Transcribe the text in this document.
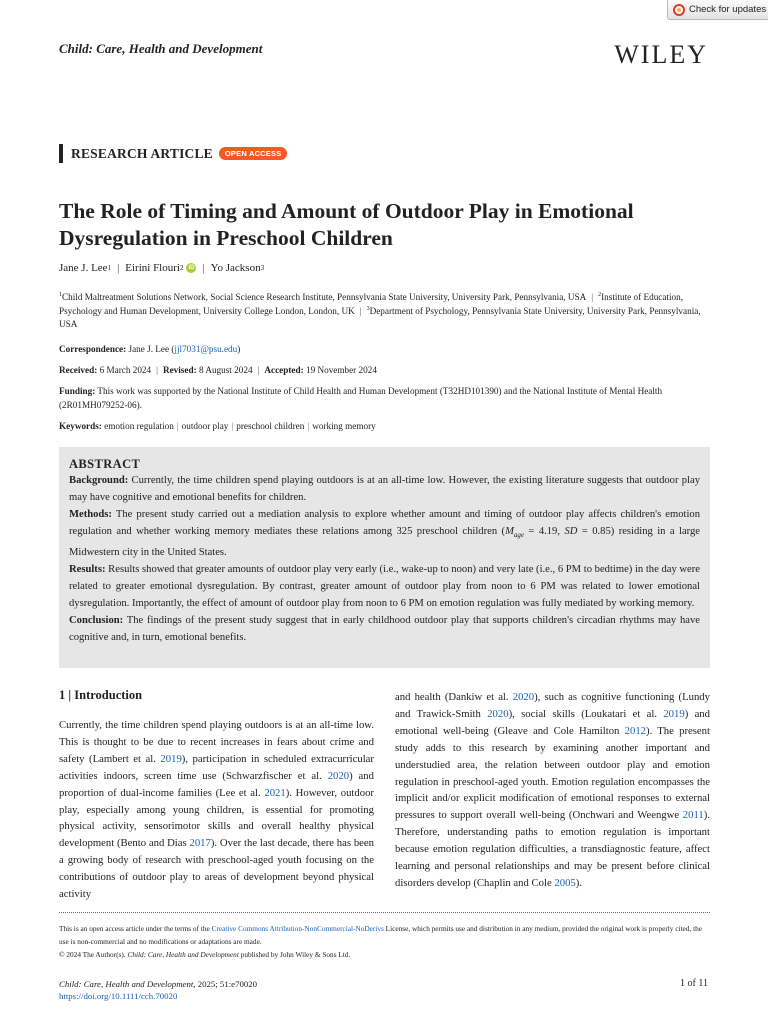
Check for updates
Child: Care, Health and Development	WILEY
RESEARCH ARTICLE	OPEN ACCESS
The Role of Timing and Amount of Outdoor Play in Emotional Dysregulation in Preschool Children
Jane J. Lee 1 | Eirini Flouri 2 iD | Yo Jackson 3
$^1$Child Maltreatment Solutions Network, Social Science Research Institute, Pennsylvania State University, University Park, Pennsylvania, USA | $^2$Institute of Education, Psychology and Human Development, University College London, London, UK | $^3$Department of Psychology, Pennsylvania State University, University Park, Pennsylvania, USA
Correspondence: Jane J. Lee (jjl7031@psu.edu)
Received: 6 March 2024 | Revised: 8 August 2024 | Accepted: 19 November 2024
Funding: This work was supported by the National Institute of Child Health and Human Development (T32HD101390) and the National Institute of Mental Health (2R01MH079252-06).
Keywords: emotion regulation | outdoor play | preschool children | working memory
ABSTRACT

Background: Currently, the time children spend playing outdoors is at an all-time low. However, the existing literature suggests that outdoor play may have cognitive and emotional benefits for children.

Methods: The present study carried out a mediation analysis to explore whether amount and timing of outdoor play affects children's emotion regulation and whether working memory mediates these relations among 325 preschool children ($M_{age} = 4.19$, SD = 0.85) residing in a large Midwestern city in the United States.

Results: Results showed that greater amounts of outdoor play very early (i.e., wake-up to noon) and very late (i.e., 6 PM to bedtime) in the day were related to greater emotional dysregulation. By contrast, greater amount of outdoor play from noon to 6 PM was related to lower emotional dysregulation. Importantly, the effect of amount of outdoor play from noon to 6 PM on emotion regulation was fully mediated by working memory.

Conclusion: The findings of the present study suggest that in early childhood outdoor play that supports children's circadian rhythms may have cognitive and, in turn, emotional benefits.

1 | Introduction
Currently, the time children spend playing outdoors is at an all-time low. This is thought to be due to recent increases in fears about crime and safety (Lambert et al. 2019), participation in scheduled extracurricular activities indoors, screen time use (Schwarzfischer et al. 2020) and proportion of dual-income families (Lee et al. 2021). However, outdoor play, especially among young children, is essential for promoting physical activity, sensorimotor skills and overall healthy physical development (Bento and Dias 2017). Over the last decade, there has been a growing body of research with preschool-aged youth focusing on the contributions of outdoor play to areas of development beyond physical activity
and health (Dankiw et al. 2020), such as cognitive functioning (Lundy and Trawick-Smith 2020), social skills (Loukatari et al. 2019) and emotional well-being (Gleave and Cole Hamilton 2012). The present study adds to this research by examining another important and understudied area, the relation between outdoor play and emotion regulation in preschool-aged youth. Emotion regulation encompasses the implicit and/or explicit modification of emotional responses to external pressures to support overall well-being (Onchwari and Weengwe 2011). Therefore, understanding paths to emotion regulation is important because emotion regulation difficulties, a transdiagnostic feature, affect learning and personal relationships and may be present before clinical disorders develop (Chaplin and Cole 2005).
This is an open access article under the terms of the Creative Commons Attribution-NonCommercial-NoDerivs License, which permits use and distribution in any medium, provided the original work is properly cited, the use is non-commercial and no modifications or adaptations are made.
© 2024 The Author(s). Child: Care, Health and Development published by John Wiley & Sons Ltd.
Child: Care, Health and Development, 2025; 51:e70020
https://doi.org/10.1111/cch.70020
1 of 11
